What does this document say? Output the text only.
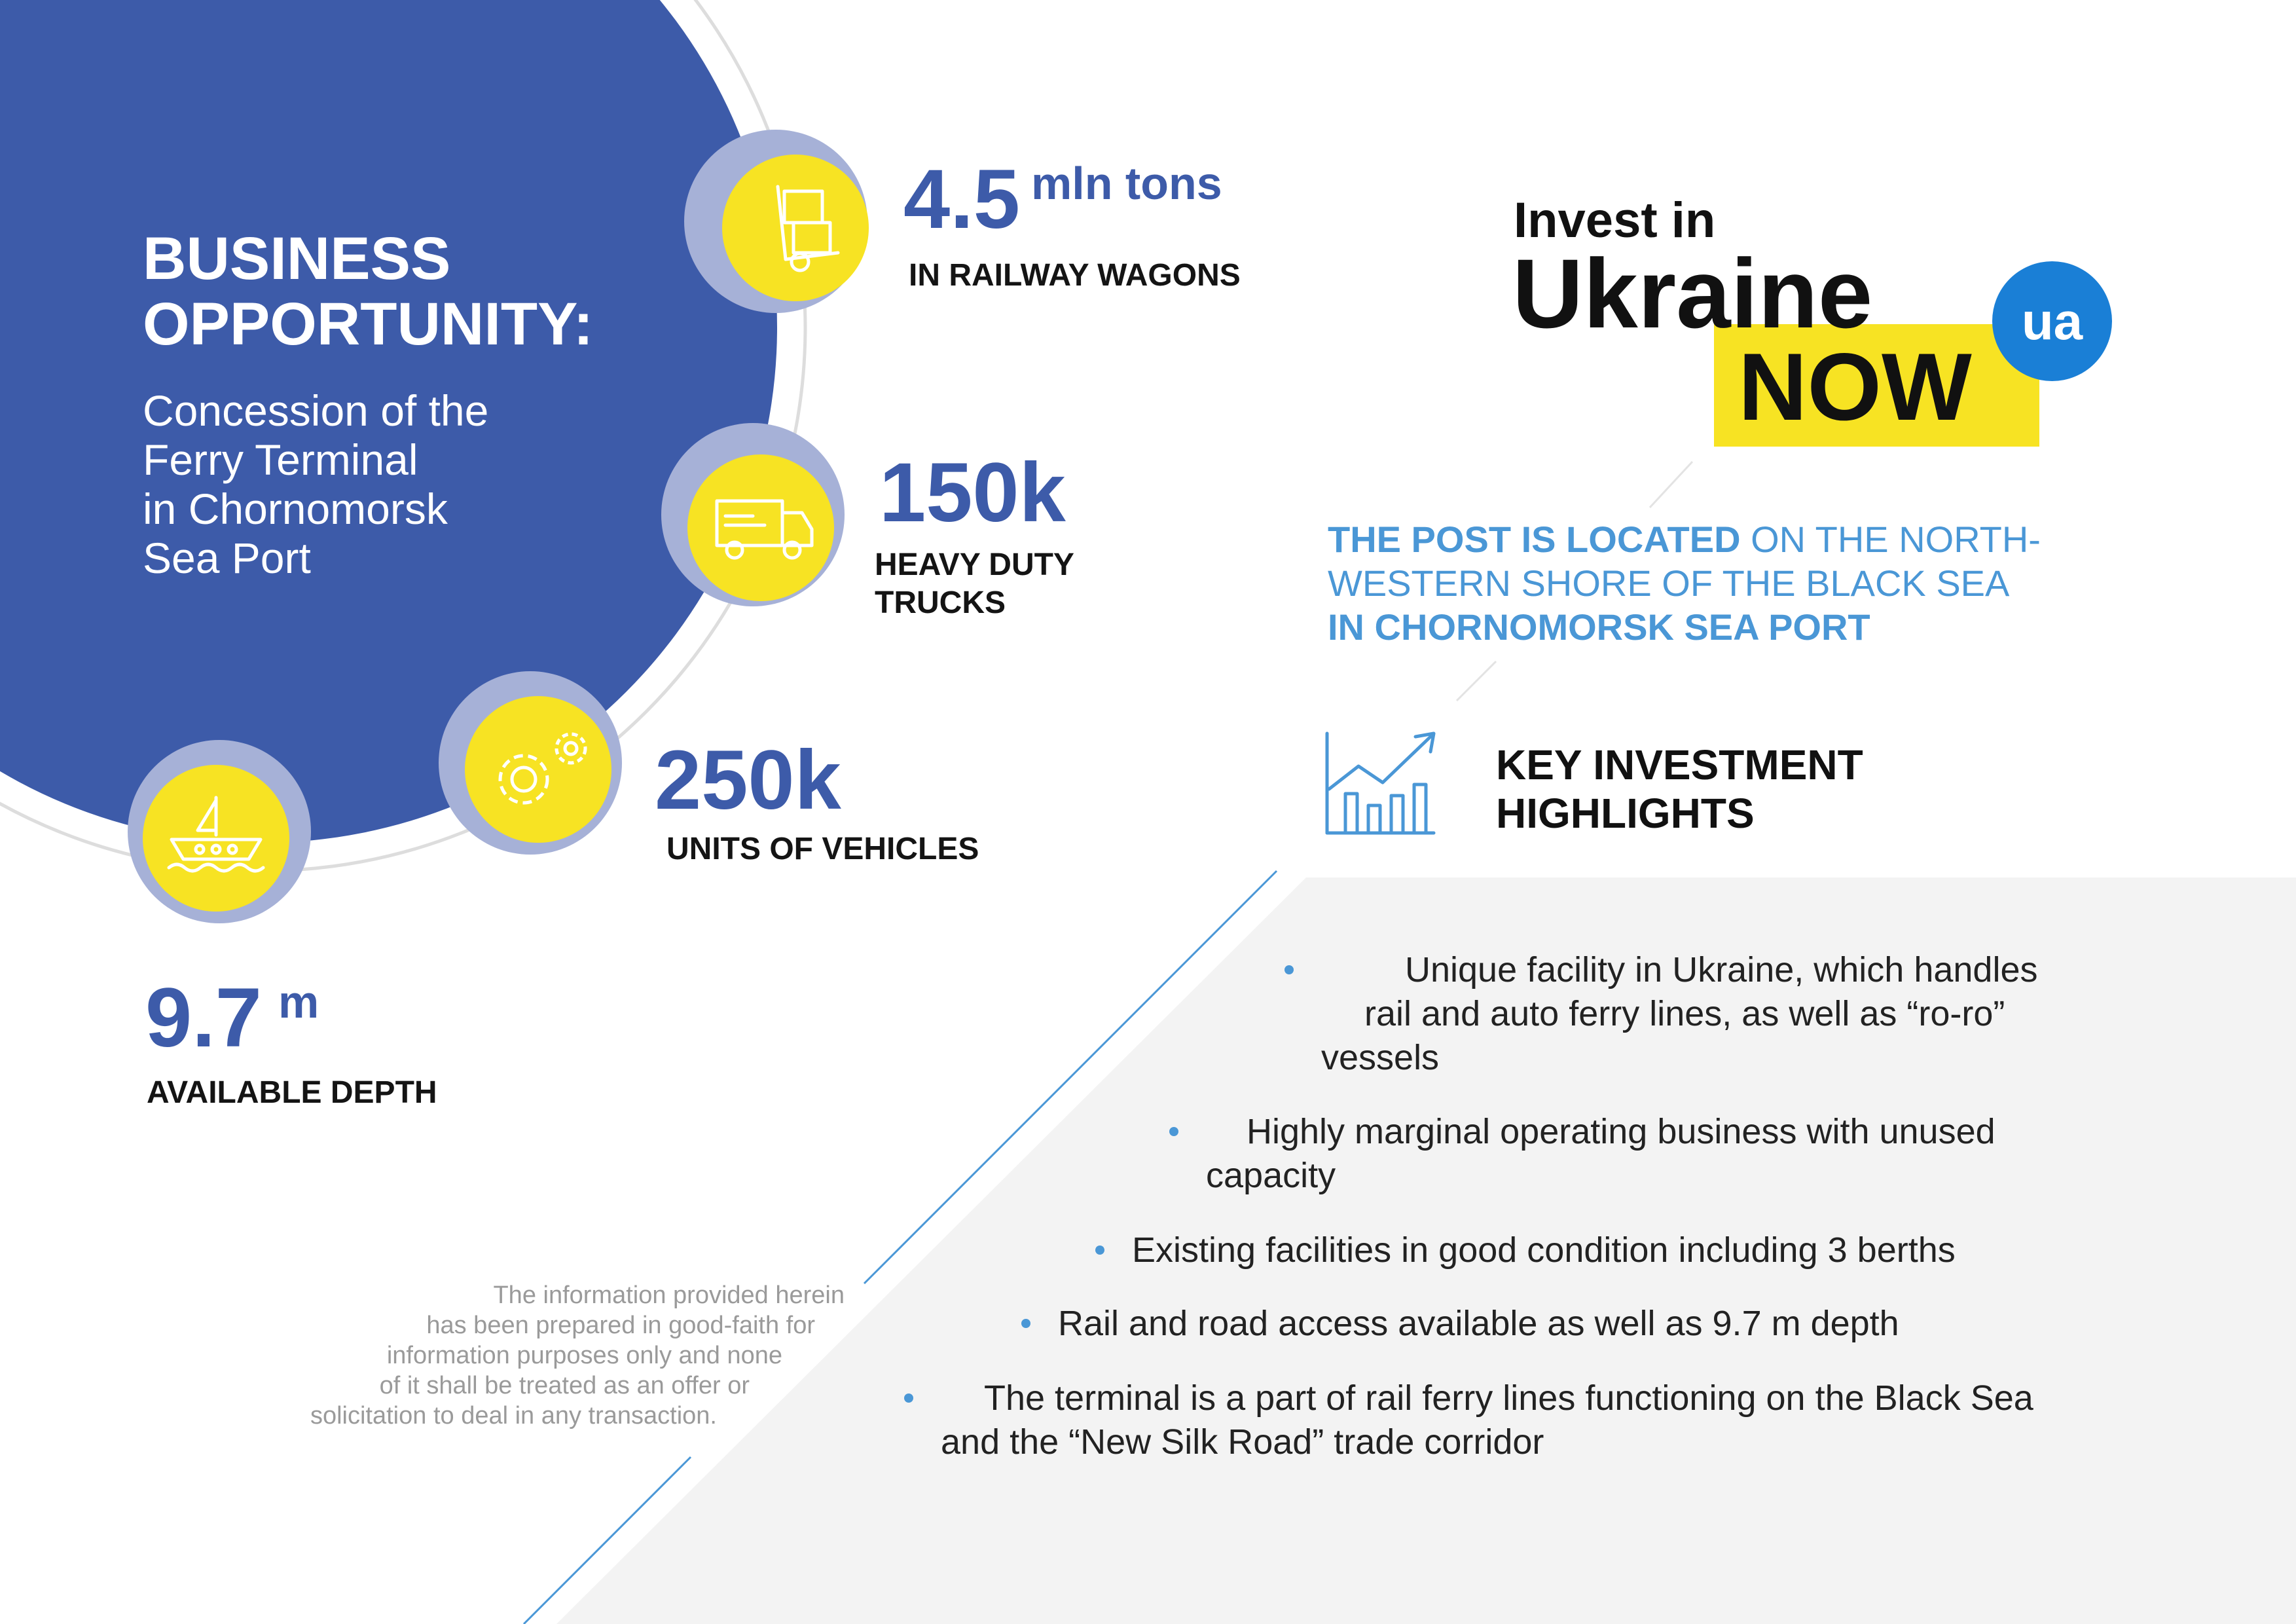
BUSINESS
OPPORTUNITY:
Concession of the
Ferry Terminal
in Chornomorsk
Sea Port
4.5 mln tons
IN RAILWAY WAGONS
150k
HEAVY DUTY
TRUCKS
250k
UNITS OF VEHICLES
9.7 m
AVAILABLE DEPTH
Invest in
Ukraine
NOW
ua
THE POST IS LOCATED ON THE NORTH-
WESTERN SHORE OF THE BLACK SEA
IN CHORNOMORSK SEA PORT
KEY INVESTMENT
HIGHLIGHTS
Unique facility in Ukraine, which handles
rail and auto ferry lines, as well as “ro-ro”
vessels
Highly marginal operating business with unused
capacity
Existing facilities in good condition including 3 berths
Rail and road access available as well as 9.7 m depth
The terminal is a part of rail ferry lines functioning on the Black Sea
and the “New Silk Road” trade corridor
The information provided herein
has been prepared in good-faith for
information purposes only and none
of it shall be treated as an offer or
solicitation to deal in any transaction.
